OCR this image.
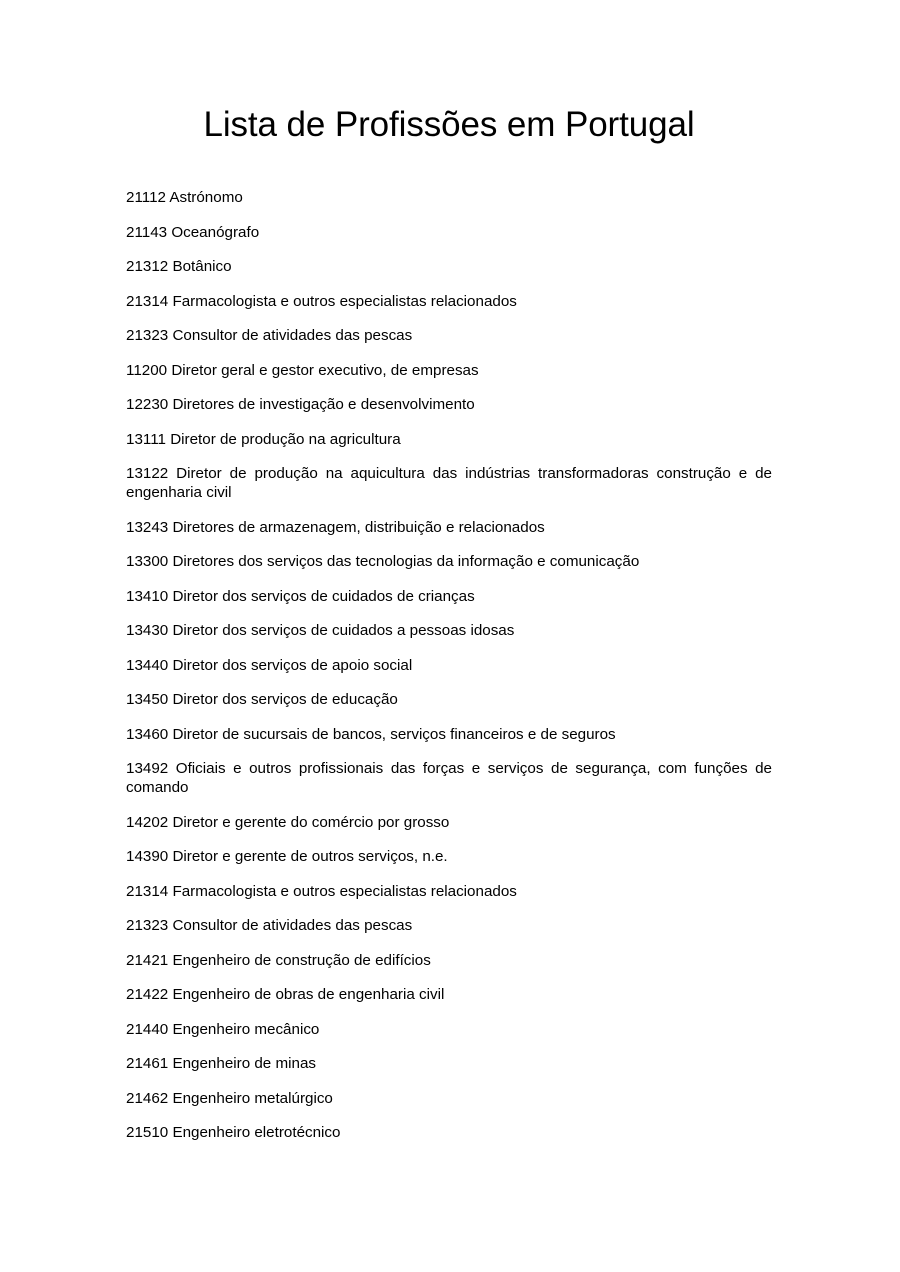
Lista de Profissões em Portugal

21112 Astrónomo

21143 Oceanógrafo

21312 Botânico

21314 Farmacologista e outros especialistas relacionados

21323 Consultor de atividades das pescas

11200 Diretor geral e gestor executivo, de empresas

12230 Diretores de investigação e desenvolvimento

13111 Diretor de produção na agricultura

13122 Diretor de produção na aquicultura das indústrias transformadoras construção e de engenharia civil

13243 Diretores de armazenagem, distribuição e relacionados

13300 Diretores dos serviços das tecnologias da informação e comunicação

13410 Diretor dos serviços de cuidados de crianças

13430 Diretor dos serviços de cuidados a pessoas idosas

13440 Diretor dos serviços de apoio social

13450 Diretor dos serviços de educação

13460 Diretor de sucursais de bancos, serviços financeiros e de seguros

13492 Oficiais e outros profissionais das forças e serviços de segurança, com funções de comando

14202 Diretor e gerente do comércio por grosso

14390 Diretor e gerente de outros serviços, n.e.

21314 Farmacologista e outros especialistas relacionados

21323 Consultor de atividades das pescas

21421 Engenheiro de construção de edifícios

21422 Engenheiro de obras de engenharia civil

21440 Engenheiro mecânico

21461 Engenheiro de minas

21462 Engenheiro metalúrgico

21510 Engenheiro eletrotécnico
